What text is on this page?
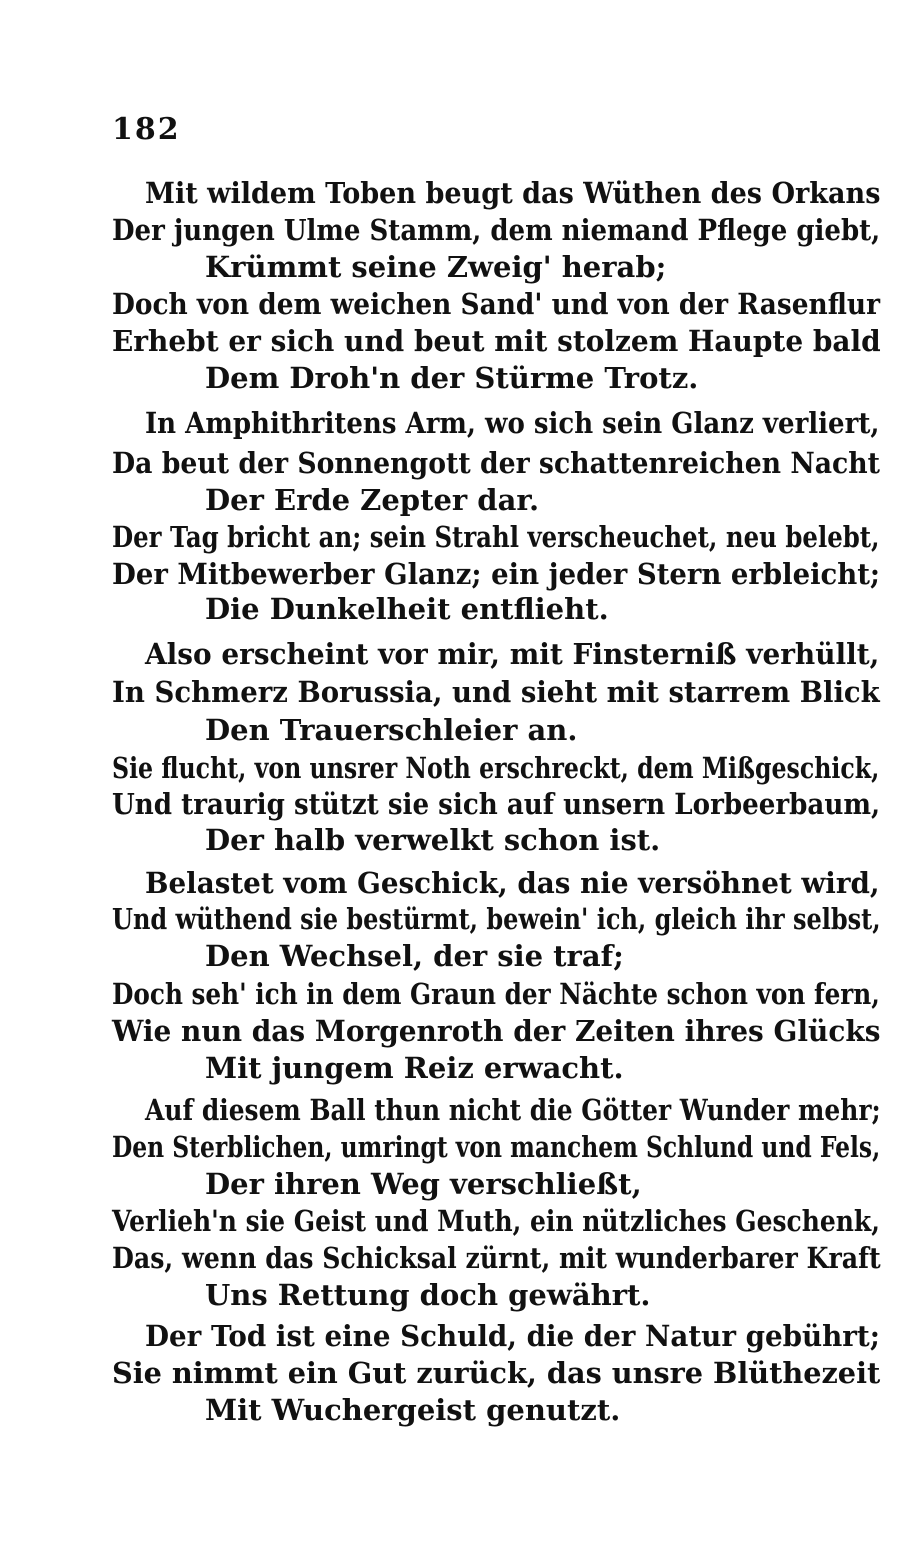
182
Mit wildem Toben beugt das Wüthen des Orkans
Der jungen Ulme Stamm, dem niemand Pflege giebt,
Krümmt seine Zweig' herab;
Doch von dem weichen Sand' und von der Rasenflur
Erhebt er sich und beut mit stolzem Haupte bald
Dem Droh'n der Stürme Trotz.
In Amphithritens Arm, wo sich sein Glanz verliert,
Da beut der Sonnengott der schattenreichen Nacht
Der Erde Zepter dar.
Der Tag bricht an; sein Strahl verscheuchet, neu belebt,
Der Mitbewerber Glanz; ein jeder Stern erbleicht;
Die Dunkelheit entflieht.
Also erscheint vor mir, mit Finsterniß verhüllt,
In Schmerz Borussia, und sieht mit starrem Blick
Den Trauerschleier an.
Sie flucht, von unsrer Noth erschreckt, dem Mißgeschick,
Und traurig stützt sie sich auf unsern Lorbeerbaum,
Der halb verwelkt schon ist.
Belastet vom Geschick, das nie versöhnet wird,
Und wüthend sie bestürmt, bewein' ich, gleich ihr selbst,
Den Wechsel, der sie traf;
Doch seh' ich in dem Graun der Nächte schon von fern,
Wie nun das Morgenroth der Zeiten ihres Glücks
Mit jungem Reiz erwacht.
Auf diesem Ball thun nicht die Götter Wunder mehr;
Den Sterblichen, umringt von manchem Schlund und Fels,
Der ihren Weg verschließt,
Verlieh'n sie Geist und Muth, ein nützliches Geschenk,
Das, wenn das Schicksal zürnt, mit wunderbarer Kraft
Uns Rettung doch gewährt.
Der Tod ist eine Schuld, die der Natur gebührt;
Sie nimmt ein Gut zurück, das unsre Blüthezeit
Mit Wuchergeist genutzt.
